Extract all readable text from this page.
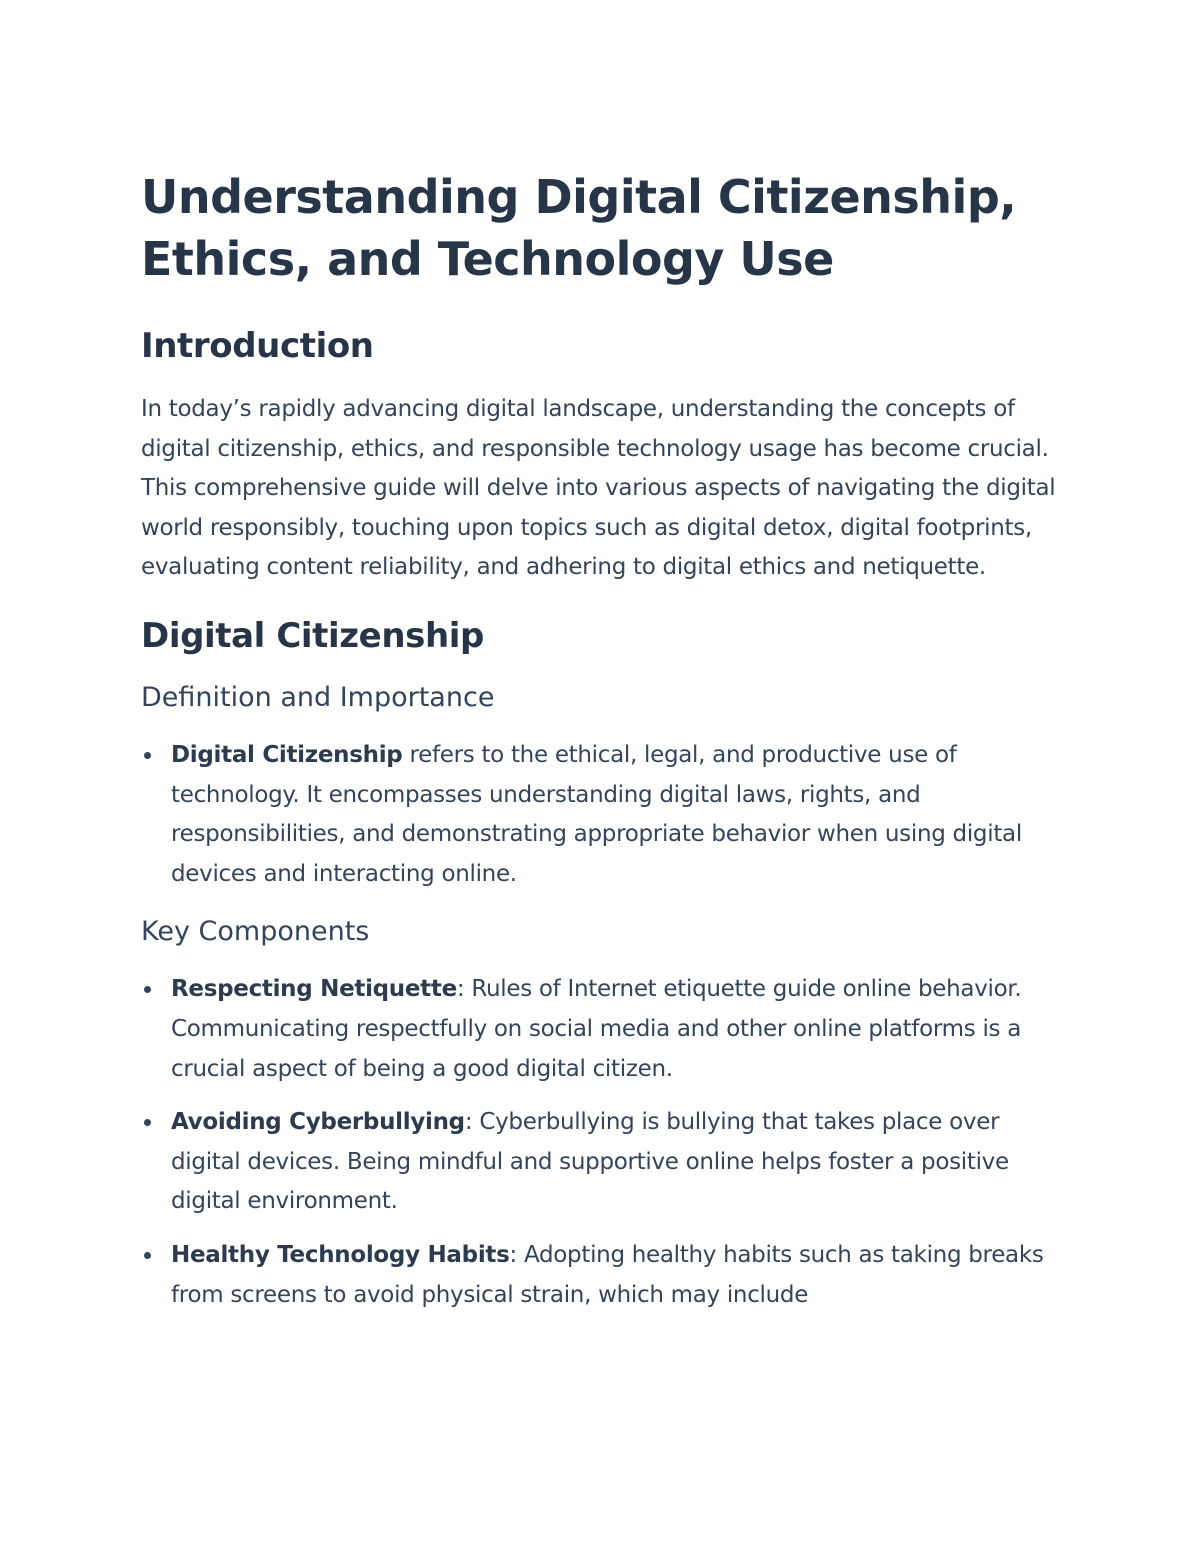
Understanding Digital Citizenship, Ethics, and Technology Use
Introduction

In today’s rapidly advancing digital landscape, understanding the concepts of digital citizenship, ethics, and responsible technology usage has become crucial. This comprehensive guide will delve into various aspects of navigating the digital world responsibly, touching upon topics such as digital detox, digital footprints, evaluating content reliability, and adhering to digital ethics and netiquette.

Digital Citizenship
Definition and Importance
Digital Citizenship refers to the ethical, legal, and productive use of technology. It encompasses understanding digital laws, rights, and responsibilities, and demonstrating appropriate behavior when using digital devices and interacting online.
Key Components
Respecting Netiquette: Rules of Internet etiquette guide online behavior. Communicating respectfully on social media and other online platforms is a crucial aspect of being a good digital citizen.
Avoiding Cyberbullying: Cyberbullying is bullying that takes place over digital devices. Being mindful and supportive online helps foster a positive digital environment.
Healthy Technology Habits: Adopting healthy habits such as taking breaks from screens to avoid physical strain, which may include
